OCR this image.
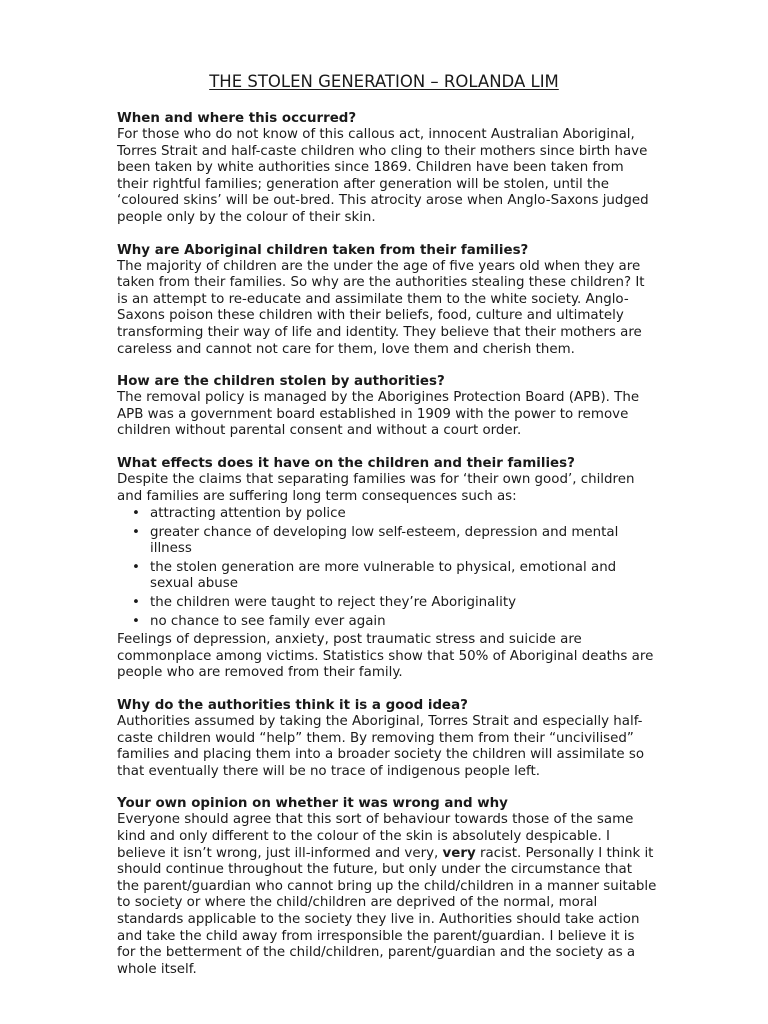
THE STOLEN GENERATION – ROLANDA LIM

When and where this occurred?

For those who do not know of this callous act, innocent Australian Aboriginal, Torres Strait and half-caste children who cling to their mothers since birth have been taken by white authorities since 1869. Children have been taken from their rightful families; generation after generation will be stolen, until the ‘coloured skins’ will be out-bred. This atrocity arose when Anglo-Saxons judged people only by the colour of their skin.

Why are Aboriginal children taken from their families?

The majority of children are the under the age of five years old when they are taken from their families. So why are the authorities stealing these children? It is an attempt to re-educate and assimilate them to the white society. Anglo-Saxons poison these children with their beliefs, food, culture and ultimately transforming their way of life and identity. They believe that their mothers are careless and cannot not care for them, love them and cherish them.

How are the children stolen by authorities?

The removal policy is managed by the Aborigines Protection Board (APB). The APB was a government board established in 1909 with the power to remove children without parental consent and without a court order.

What effects does it have on the children and their families?

Despite the claims that separating families was for ‘their own good’, children and families are suffering long term consequences such as:

• attracting attention by police
• greater chance of developing low self-esteem, depression and mental illness
• the stolen generation are more vulnerable to physical, emotional and sexual abuse
• the children were taught to reject they’re Aboriginality
• no chance to see family ever again

Feelings of depression, anxiety, post traumatic stress and suicide are commonplace among victims. Statistics show that 50% of Aboriginal deaths are people who are removed from their family.

Why do the authorities think it is a good idea?

Authorities assumed by taking the Aboriginal, Torres Strait and especially half-caste children would “help” them. By removing them from their “uncivilised” families and placing them into a broader society the children will assimilate so that eventually there will be no trace of indigenous people left.

Your own opinion on whether it was wrong and why

Everyone should agree that this sort of behaviour towards those of the same kind and only different to the colour of the skin is absolutely despicable. I believe it isn’t wrong, just ill-informed and very, very racist. Personally I think it should continue throughout the future, but only under the circumstance that the parent/guardian who cannot bring up the child/children in a manner suitable to society or where the child/children are deprived of the normal, moral standards applicable to the society they live in. Authorities should take action and take the child away from irresponsible the parent/guardian. I believe it is for the betterment of the child/children, parent/guardian and the society as a whole itself.
